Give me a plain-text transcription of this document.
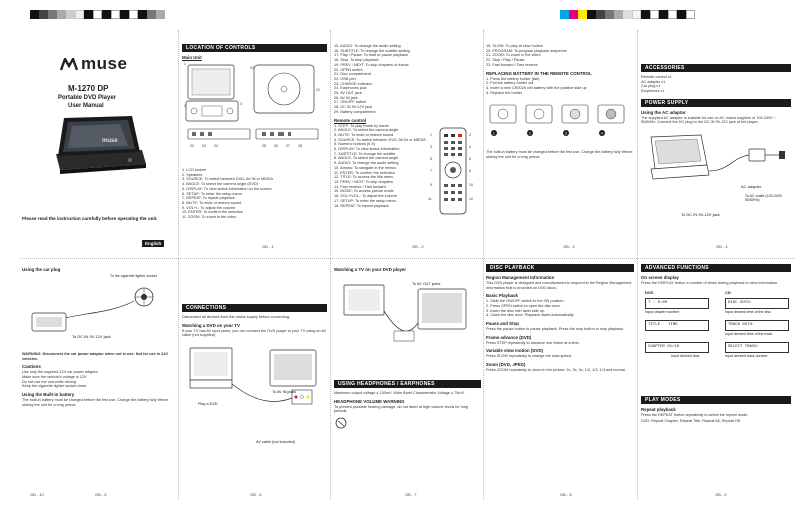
muse
M-1270 DP
Portable DVD Player
User Manual
muse
Please read the instruction carefully before operating the unit.
English
LOCATION OF CONTROLS
Main Unit
1
2	3
20
21
22 23 24	25 26 27 28
1. LCD screen
2. Speakers
3. SOURCE: To select between DVD, AV-IN or MEDIA
4. ANGLE: To select the camera angle (DVD)
5. DISPLAY: To view status information on the screen
6. SETUP: To enter the setup menu
7. REPEAT: To repeat playback
8. MUTE: To mute or restore sound
9. VOL+/-: To adjust the volume
10. ENTER: To confirm the selection
11. ZOOM: To zoom in the video
15. AUDIO: To change the audio setting
16. SUBTITLE: To change the subtitle setting
17. Play / Pause: To start or pause playback
18. Stop: To stop playback
19. PREV / NEXT: To skip chapters or tracks
20. OPEN switch
21. Disc compartment
22. USB port
23. CHARGE indicator
24. Earphones jack
25. AV OUT jack
26. AV IN jack
27. ON/OFF switch
28. DC IN 9V-12V jack
29. Battery compartment
Remote control
1. STEP: To play frame by frame
2. ANGLE: To select the camera angle
3. MUTE: To mute or restore sound
4. SOURCE: To switch between DVD, AV-IN or MEDIA
5. Numeric buttons (0-9)
6. DISPLAY: To view status information
7. SUBTITLE: To change the subtitle
8. ANGLE: To select the camera angle
9. AUDIO: To change the audio setting
10. Arrows: To navigate in the menus
11. ENTER: To confirm the selection
12. TITLE: To access the title menu
13. PREV / NEXT: To skip chapters
14. Fast reverse / Fast forward
15. MODE: To access picture mode
16. VOL+/VOL-: To adjust the volume
17. SETUP: To enter the setup menu
18. REPEAT: To repeat playback
1
3
5
7
9
11
2
4
6
8
10
12
19. SLOW: To play at slow motion
20. PROGRAM: To program playback sequence
21. ZOOM: To zoom in the video
22. Stop / Play / Pause
23. Fast forward / Fast reverse
REPLACING BATTERY IN THE REMOTE CONTROL
1. Press the battery holder (tab)
2. Pull the battery holder out
3. Insert a new CR2025 cell battery with the positive side up
4. Replace the holder
1	2	3	4
The built-in battery must be charged before the first use. Charge the battery fully before storing the unit for a long period.
ACCESSORIES
Remote control x1
AC adaptor x1
Car plug x1
Earphones x1
POWER SUPPLY
Using the AC adaptor
The supplied AC adaptor is suitable for use on AC mains supplies of 100-240V ~ 50/60Hz. Connect the DC plug to the DC IN 9V-12V jack of the player.
AC adaptor
To AC outlet (100-240V 50/60Hz)
To DC IN 9V-12V jack
Using the car plug
To the cigarette lighter socket
To DC IN 9V-12V jack
WARNING: Disconnect the car power adaptor when not in use. Not for use in 24V vehicles.
Cautions
Use only the supplied 12V car power adaptor.
Make sure the vehicle's voltage is 12V.
Do not use the unit while driving.
Keep the cigarette lighter socket clean.
Using the Built-in battery
The built-in battery must be charged before the first use. Charge the battery fully before storing the unit for a long period.
CONNECTIONS
Disconnect all devices from the mains supply before connecting.
Watching a DVD on your TV
If your TV has AV input jacks, you can connect the DVD player to your TV using an AV cable (not supplied).
Play a DVD
To AV IN jacks
AV cable (not included)
Watching a TV on your DVD player
To AV OUT jacks
USING HEADPHONES / EARPHONES
Maximum output voltage ≤ 150mV. Wide Band Characteristic Voltage ≥ 75mV.
HEADPHONE VOLUME WARNING
To prevent possible hearing damage, do not listen at high volume levels for long periods.
DISC PLAYBACK
Region Management Information
This DVD player is designed and manufactured to respond to the Region Management Information that is encoded on DVD discs.
Basic Playback
1. Slide the ON/OFF switch to the ON position.
2. Press OPEN switch to open the disc door.
3. Insert the disc with label side up.
4. Close the disc door. Playback starts automatically.
Pause and Stop
Press the pause button to pause playback. Press the stop button to stop playback.
Frame advance (DVD)
Press STEP repeatedly to advance one frame at a time.
Variable slow motion (DVD)
Press SLOW repeatedly to change the slow speed.
Zoom (DVD, JPEG)
Press ZOOM repeatedly to zoom in the picture: 2x, 3x, 4x, 1/2, 1/3, 1/4 and normal.
ADVANCED FUNCTIONS
On screen display
Press the DISPLAY button a number of times during playback to view information.
DVD	CD
T : 0:00	DISC GOTO:
Input chapter number	Input desired time of the disc
TITLE TIME	TRACK GOTO:
Input desired time of the track
CHAPTER 01/16	SELECT TRACK:
Input desired time	Input desired track number
PLAY MODES
Repeat playback
Press the REPEAT button repeatedly to select the repeat mode.
DVD: Repeat Chapter, Repeat Title, Repeat All, Repeat Off
GB - 1	GB - 2	GB - 3	GB - 4
GB - 5	GB - 6	GB - 7	GB - 8	GB - 9
GB - 10
